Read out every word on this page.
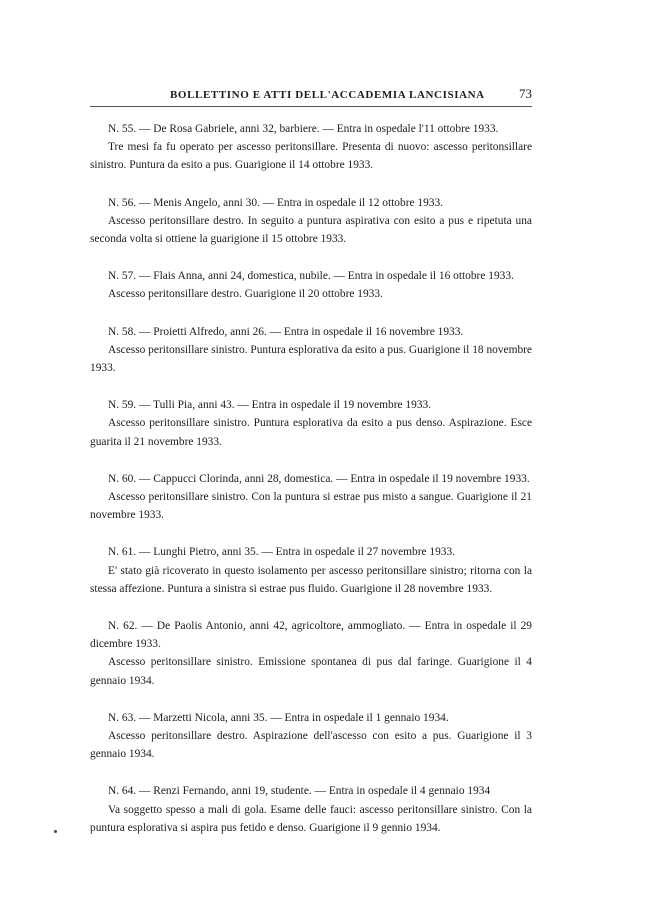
BOLLETTINO E ATTI DELL'ACCADEMIA LANCISIANA	73

N. 55. — De Rosa Gabriele, anni 32, barbiere. — Entra in ospedale l'11 ottobre 1933.

Tre mesi fa fu operato per ascesso peritonsillare. Presenta di nuovo: ascesso peritonsillare sinistro. Puntura da esito a pus. Guarigione il 14 ottobre 1933.

N. 56. — Menis Angelo, anni 30. — Entra in ospedale il 12 ottobre 1933.

Ascesso peritonsillare destro. In seguito a puntura aspirativa con esito a pus e ripetuta una seconda volta si ottiene la guarigione il 15 ottobre 1933.

N. 57. — Flais Anna, anni 24, domestica, nubile. — Entra in ospedale il 16 ottobre 1933.

Ascesso peritonsillare destro. Guarigione il 20 ottobre 1933.

N. 58. — Proietti Alfredo, anni 26. — Entra in ospedale il 16 novembre 1933.

Ascesso peritonsillare sinistro. Puntura esplorativa da esito a pus. Guarigione il 18 novembre 1933.

N. 59. — Tulli Pia, anni 43. — Entra in ospedale il 19 novembre 1933.

Ascesso peritonsillare sinistro. Puntura esplorativa da esito a pus denso. Aspirazione. Esce guarita il 21 novembre 1933.

N. 60. — Cappucci Clorinda, anni 28, domestica. — Entra in ospedale il 19 novembre 1933.

Ascesso peritonsillare sinistro. Con la puntura si estrae pus misto a sangue. Guarigione il 21 novembre 1933.

N. 61. — Lunghi Pietro, anni 35. — Entra in ospedale il 27 novembre 1933.

E' stato già ricoverato in questo isolamento per ascesso peritonsillare sinistro; ritorna con la stessa affezione. Puntura a sinistra si estrae pus fluido. Guarigione il 28 novembre 1933.

N. 62. — De Paolis Antonio, anni 42, agricoltore, ammogliato. — Entra in ospedale il 29 dicembre 1933.

Ascesso peritonsillare sinistro. Emissione spontanea di pus dal faringe. Guarigione il 4 gennaio 1934.

N. 63. — Marzetti Nicola, anni 35. — Entra in ospedale il 1 gennaio 1934.

Ascesso peritonsillare destro. Aspirazione dell'ascesso con esito a pus. Guarigione il 3 gennaio 1934.

N. 64. — Renzi Fernando, anni 19, studente. — Entra in ospedale il 4 gennaio 1934

Va soggetto spesso a mali di gola. Esame delle fauci: ascesso peritonsillare sinistro. Con la puntura esplorativa si aspira pus fetido e denso. Guarigione il 9 gennio 1934.
